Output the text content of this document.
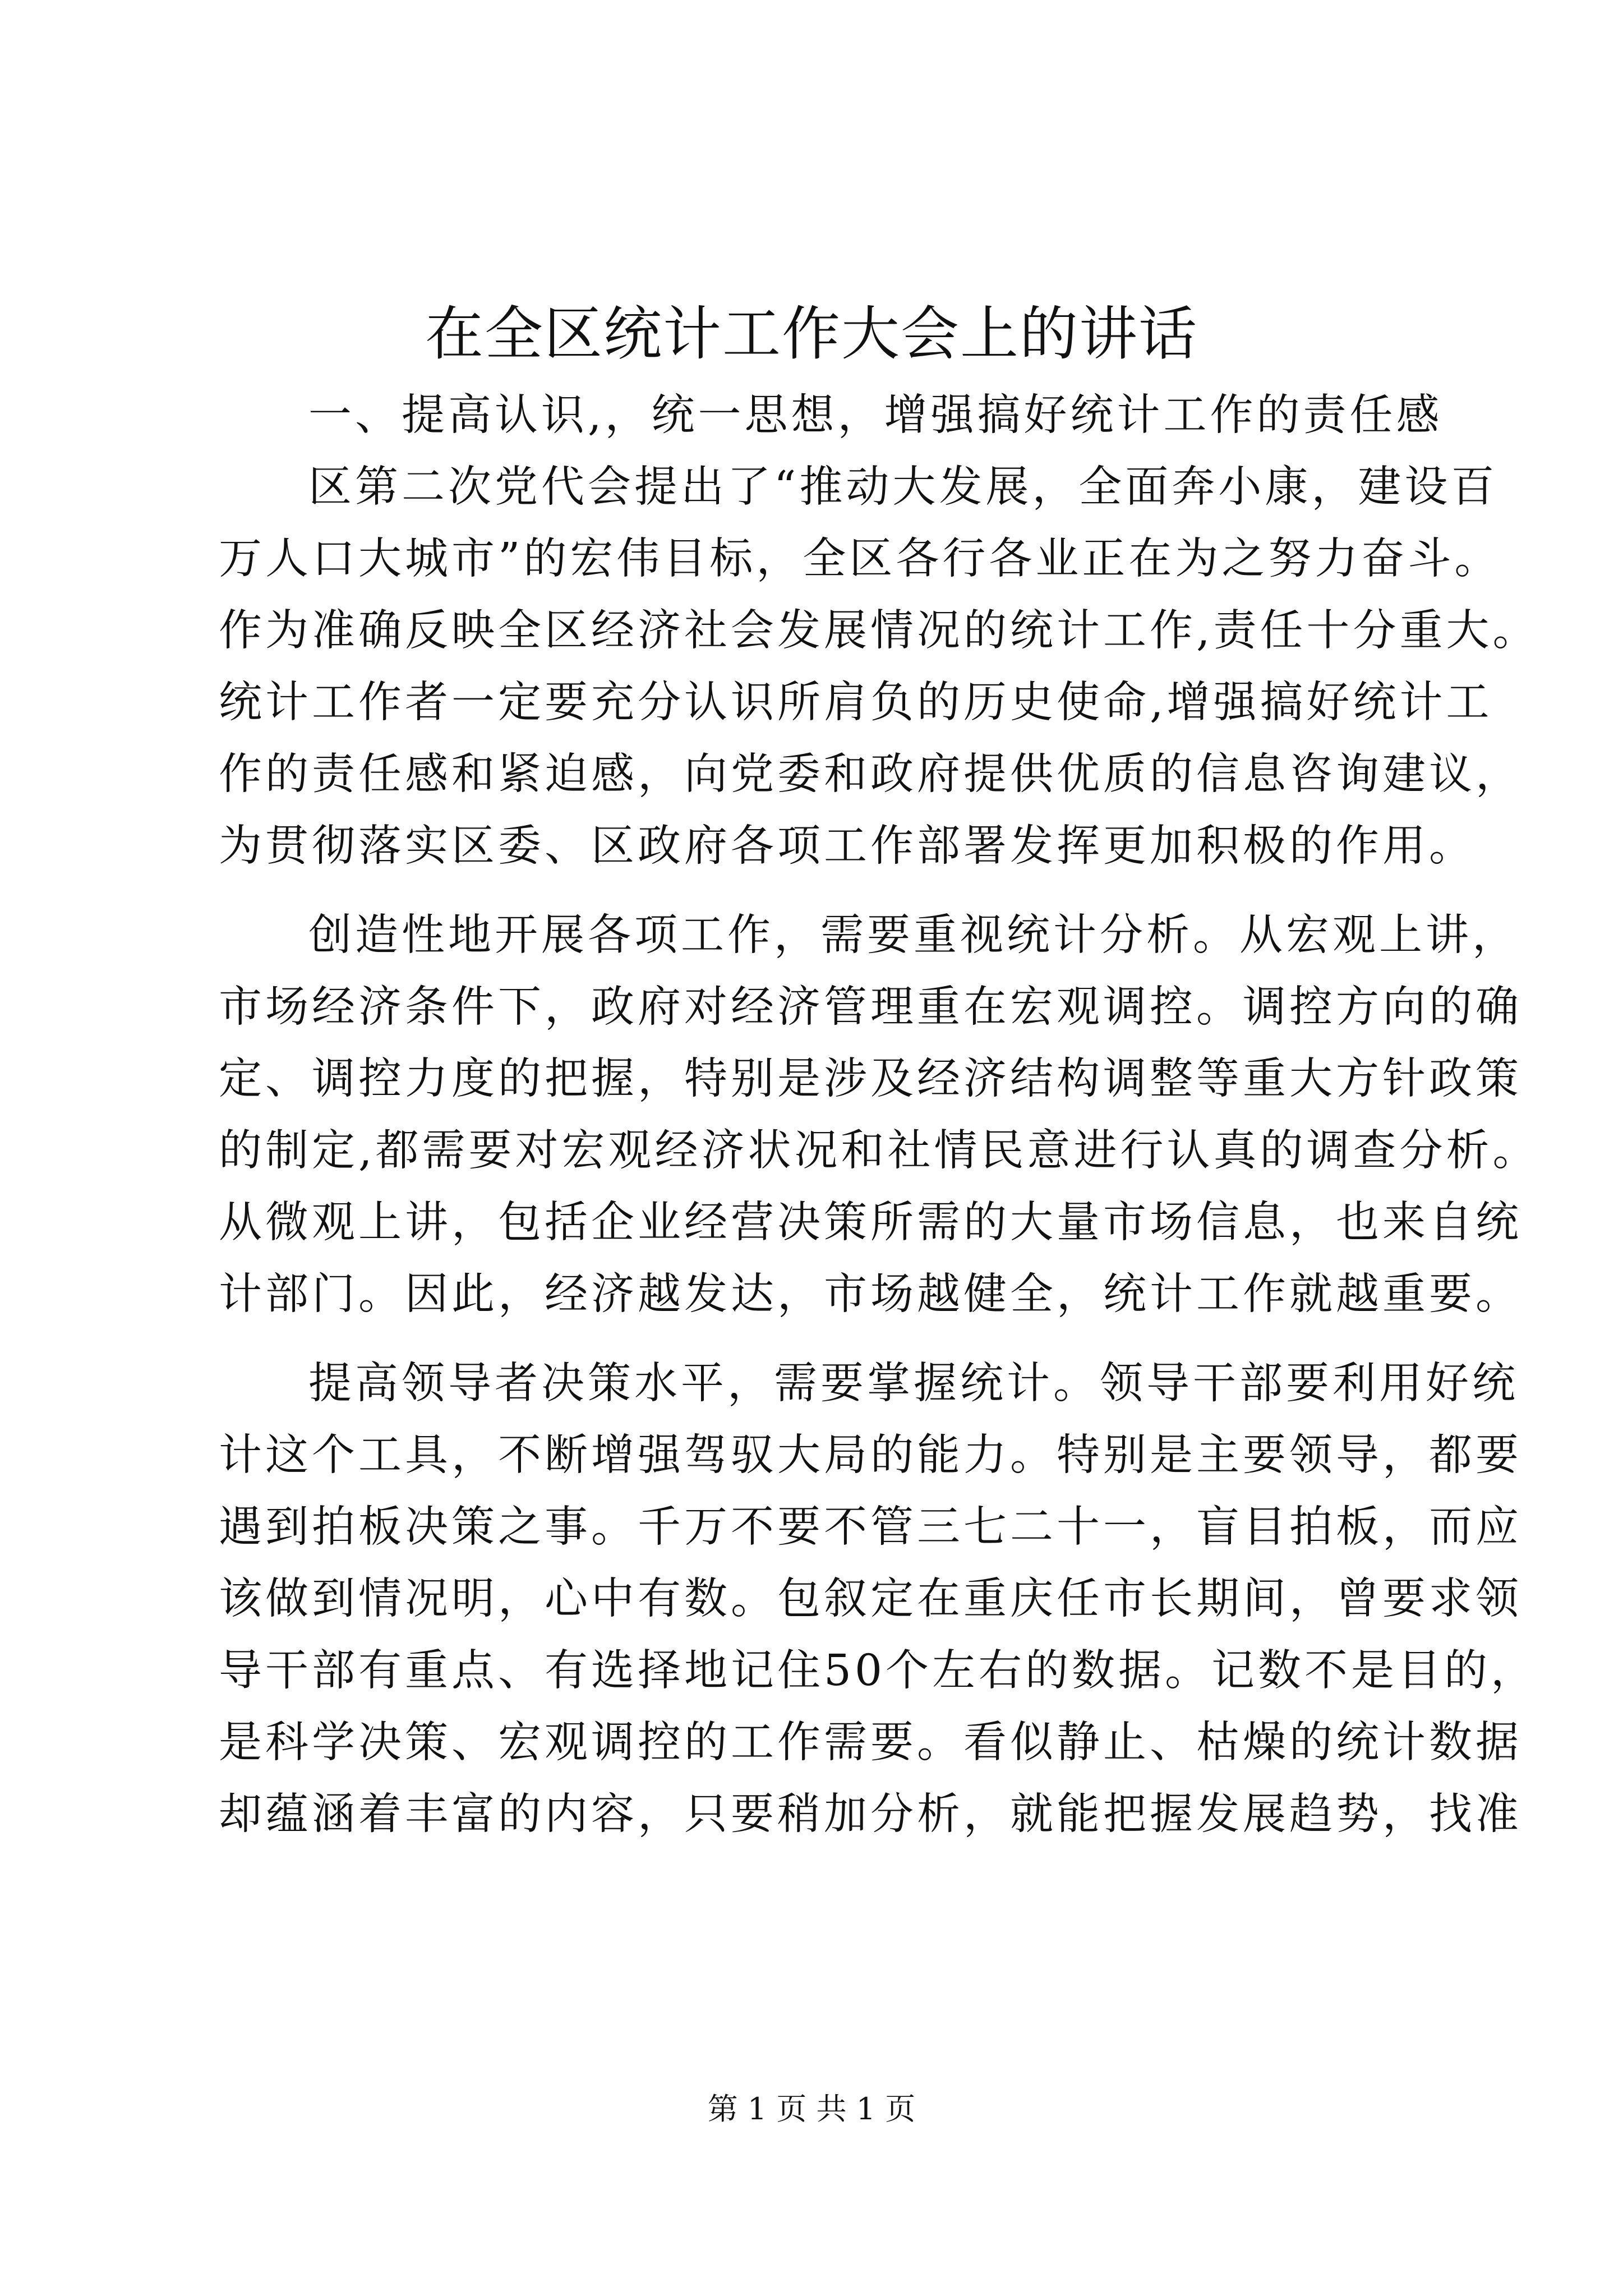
在全区统计工作大会上的讲话
一、提高认识,，统一思想，增强搞好统计工作的责任感
区第二次党代会提出了“推动大发展，全面奔小康，建设百
万人口大城市”的宏伟目标，全区各行各业正在为之努力奋斗。
作为准确反映全区经济社会发展情况的统计工作,责任十分重大。
统计工作者一定要充分认识所肩负的历史使命,增强搞好统计工
作的责任感和紧迫感，向党委和政府提供优质的信息咨询建议，
为贯彻落实区委、区政府各项工作部署发挥更加积极的作用。
创造性地开展各项工作，需要重视统计分析。从宏观上讲，
市场经济条件下，政府对经济管理重在宏观调控。调控方向的确
定、调控力度的把握，特别是涉及经济结构调整等重大方针政策
的制定,都需要对宏观经济状况和社情民意进行认真的调查分析。
从微观上讲，包括企业经营决策所需的大量市场信息，也来自统
计部门。因此，经济越发达，市场越健全，统计工作就越重要。
提高领导者决策水平，需要掌握统计。领导干部要利用好统
计这个工具，不断增强驾驭大局的能力。特别是主要领导，都要
遇到拍板决策之事。千万不要不管三七二十一，盲目拍板，而应
该做到情况明，心中有数。包叙定在重庆任市长期间，曾要求领
导干部有重点、有选择地记住50个左右的数据。记数不是目的，
是科学决策、宏观调控的工作需要。看似静止、枯燥的统计数据
却蕴涵着丰富的内容，只要稍加分析，就能把握发展趋势，找准
第 1 页 共 1 页
